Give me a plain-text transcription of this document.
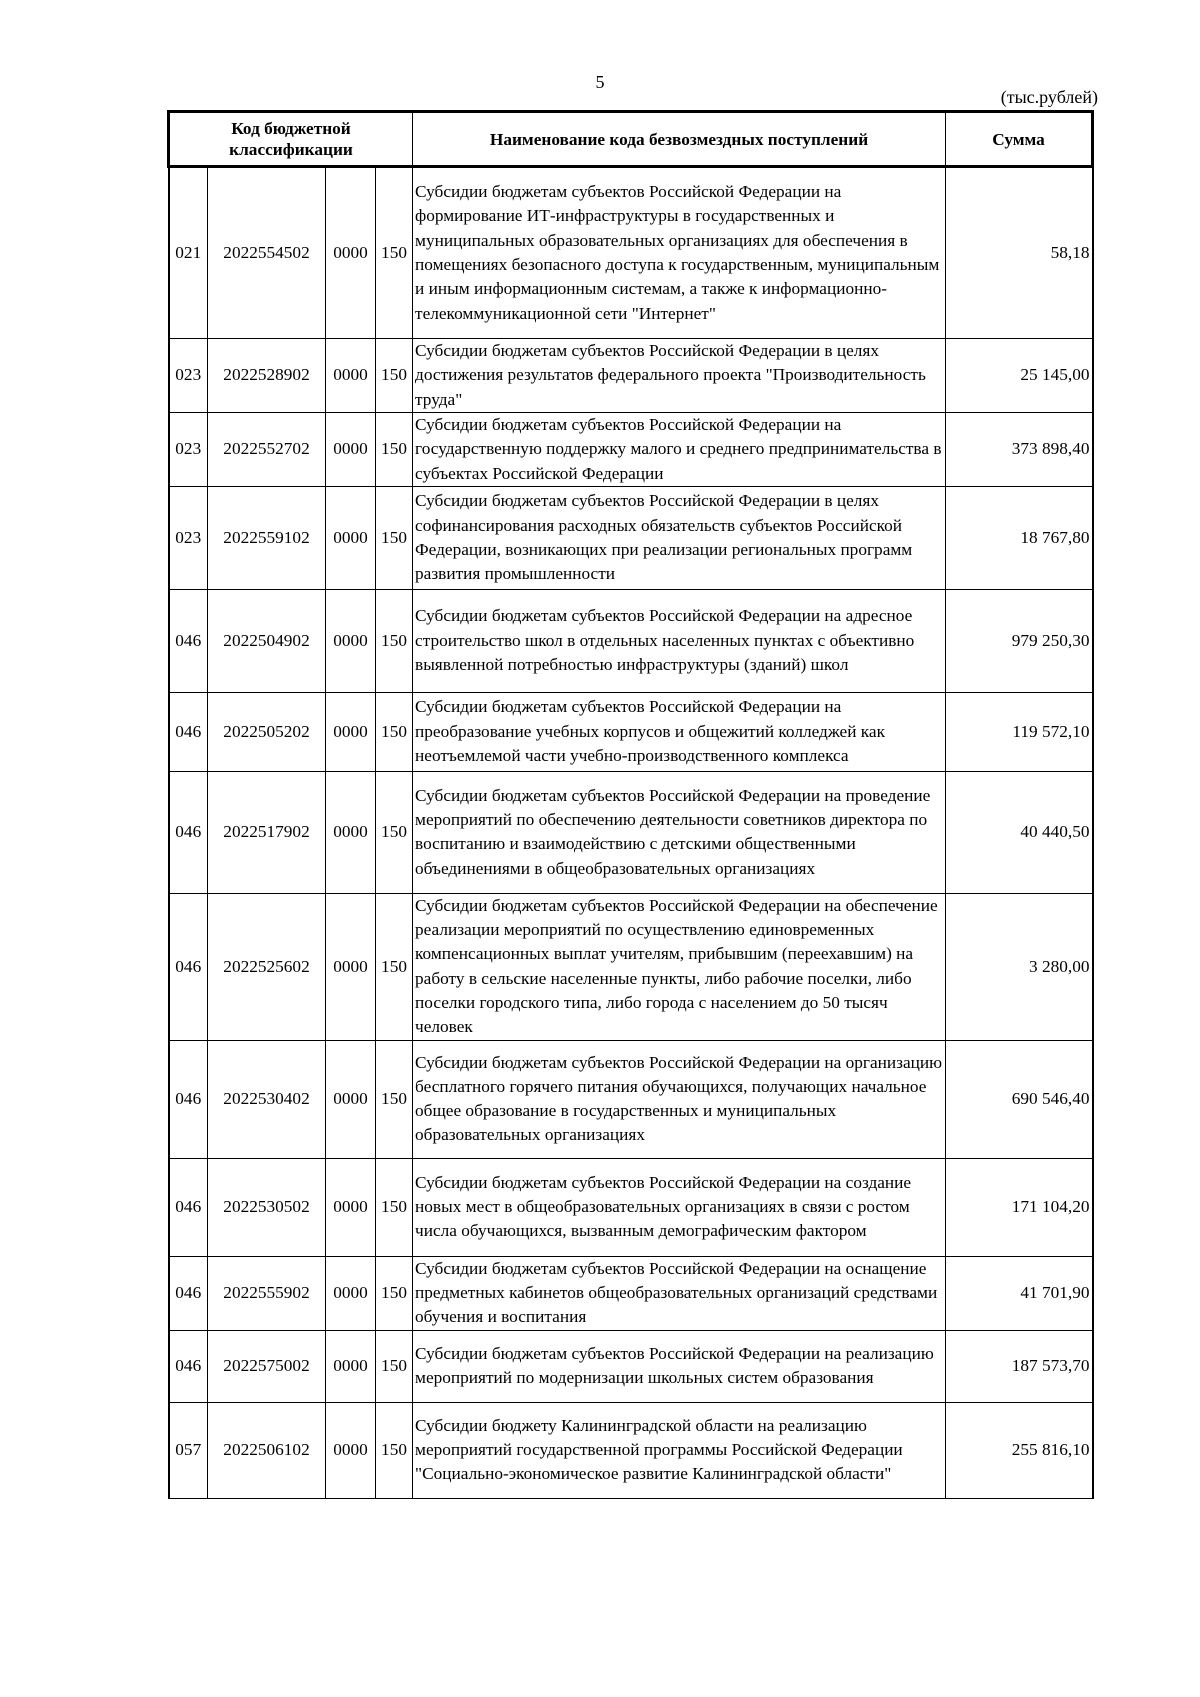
5
(тыс.рублей)
Код бюджетной классификации				Наименование кода безвозмездных поступлений	Сумма
021	2022554502	0000	150	Субсидии бюджетам субъектов Российской Федерации на формирование ИТ-инфраструктуры в государственных и муниципальных образовательных организациях для обеспечения в помещениях безопасного доступа к государственным, муниципальным и иным информационным системам, а также к информационно-телекоммуникационной сети "Интернет"	58,18
023	2022528902	0000	150	Субсидии бюджетам субъектов Российской Федерации в целях достижения результатов федерального проекта "Производительность труда"	25 145,00
023	2022552702	0000	150	Субсидии бюджетам субъектов Российской Федерации на государственную поддержку малого и среднего предпринимательства в субъектах Российской Федерации	373 898,40
023	2022559102	0000	150	Субсидии бюджетам субъектов Российской Федерации в целях софинансирования расходных обязательств субъектов Российской Федерации, возникающих при реализации региональных программ развития промышленности	18 767,80
046	2022504902	0000	150	Субсидии бюджетам субъектов Российской Федерации на адресное строительство школ в отдельных населенных пунктах с объективно выявленной потребностью инфраструктуры (зданий) школ	979 250,30
046	2022505202	0000	150	Субсидии бюджетам субъектов Российской Федерации на преобразование учебных корпусов и общежитий колледжей как неотъемлемой части учебно-производственного комплекса	119 572,10
046	2022517902	0000	150	Субсидии бюджетам субъектов Российской Федерации на проведение мероприятий по обеспечению деятельности советников директора по воспитанию и взаимодействию с детскими общественными объединениями в общеобразовательных организациях	40 440,50
046	2022525602	0000	150	Субсидии бюджетам субъектов Российской Федерации на обеспечение реализации мероприятий по осуществлению единовременных компенсационных выплат учителям, прибывшим (переехавшим) на работу в сельские населенные пункты, либо рабочие поселки, либо поселки городского типа, либо города с населением до 50 тысяч человек	3 280,00
046	2022530402	0000	150	Субсидии бюджетам субъектов Российской Федерации на организацию бесплатного горячего питания обучающихся, получающих начальное общее образование в государственных и муниципальных образовательных организациях	690 546,40
046	2022530502	0000	150	Субсидии бюджетам субъектов Российской Федерации на создание новых мест в общеобразовательных организациях в связи с ростом числа обучающихся, вызванным демографическим фактором	171 104,20
046	2022555902	0000	150	Субсидии бюджетам субъектов Российской Федерации на оснащение предметных кабинетов общеобразовательных организаций средствами обучения и воспитания	41 701,90
046	2022575002	0000	150	Субсидии бюджетам субъектов Российской Федерации на реализацию мероприятий по модернизации школьных систем образования	187 573,70
057	2022506102	0000	150	Субсидии бюджету Калининградской области на реализацию мероприятий государственной программы Российской Федерации "Социально-экономическое развитие Калининградской области"	255 816,10
